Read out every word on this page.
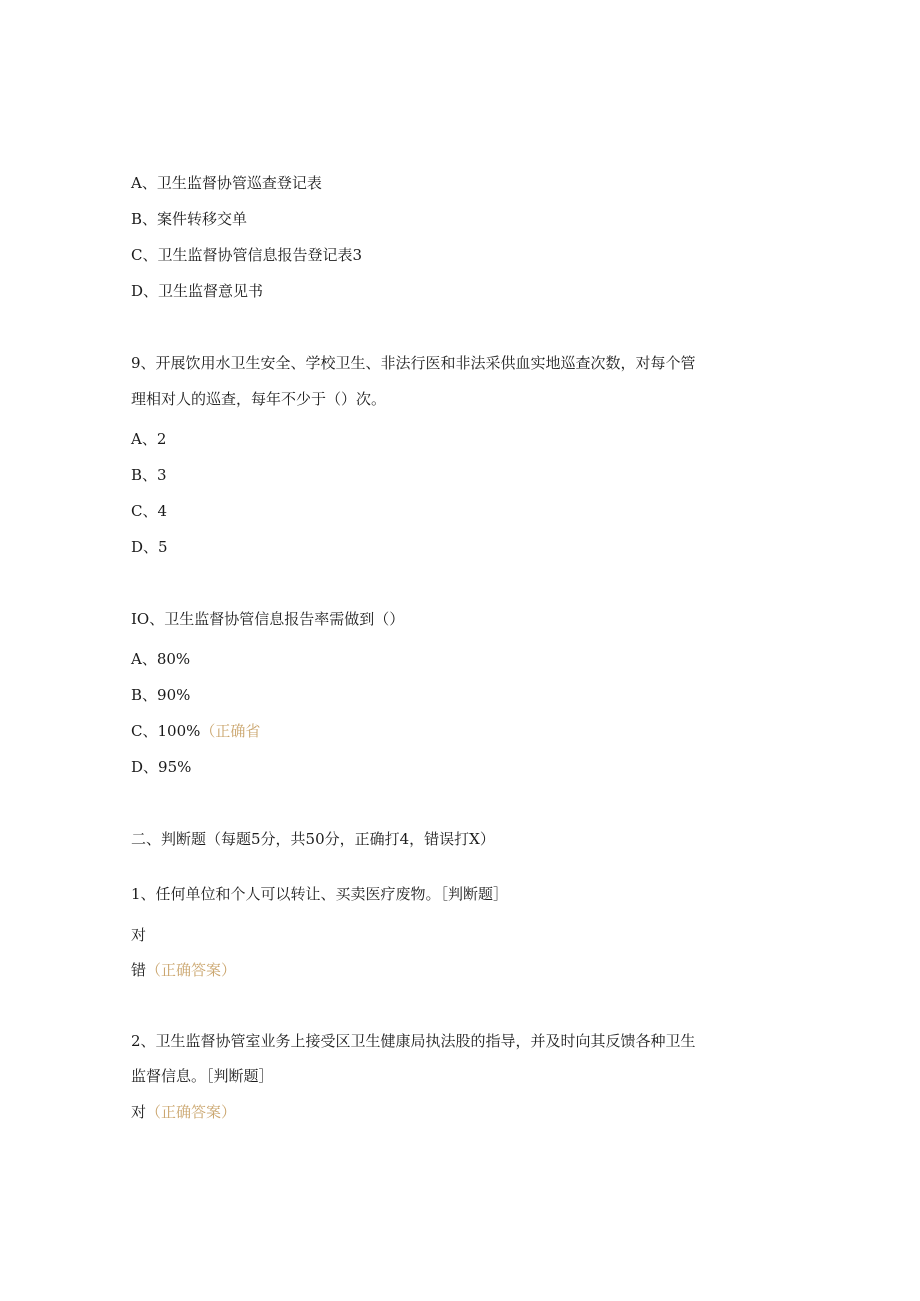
A、卫生监督协管巡查登记表
B、案件转移交单
C、卫生监督协管信息报告登记表3
D、卫生监督意见书
9、开展饮用水卫生安全、学校卫生、非法行医和非法采供血实地巡查次数，对每个管
理相对人的巡查，每年不少于（）次。
A、2
B、3
C、4
D、5
IO、卫生监督协管信息报告率需做到（）
A、80%
B、90%
C、100%（正确省
D、95%
二、判断题（每题5分，共50分，正确打4，错误打X）
1、任何单位和个人可以转让、买卖医疗废物。［判断题］
对
错（正确答案）
2、卫生监督协管室业务上接受区卫生健康局执法股的指导，并及时向其反馈各种卫生
监督信息。［判断题］
对（正确答案）
